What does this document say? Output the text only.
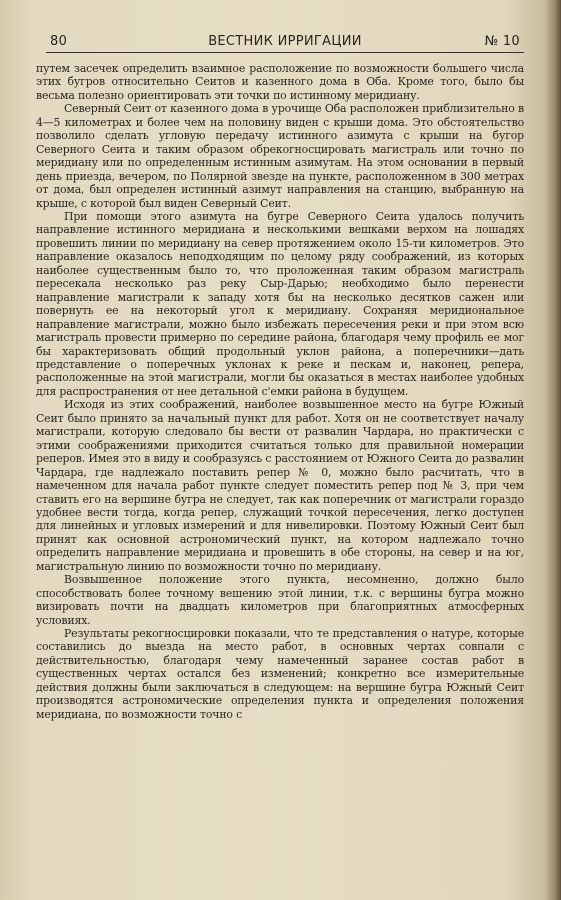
80	ВЕСТНИК ИРРИГАЦИИ	№ 10

путем засечек определить взаимное расположение по возможности большего числа этих бугров относительно Сеитов и казенного дома в Оба. Кроме того, было бы весьма полезно ориентировать эти точки по истинному меридиану.

Северный Сеит от казенного дома в урочище Оба расположен приблизительно в 4—5 километрах и более чем на половину виден с крыши дома. Это обстоятельство позволило сделать угловую передачу истинного азимута с крыши на бугор Северного Сеита и таким образом обрекогносцировать магистраль или точно по меридиану или по определенным истинным азимутам. На этом основании в первый день приезда, вечером, по Полярной звезде на пункте, расположенном в 300 метрах от дома, был определен истинный азимут направления на станцию, выбранную на крыше, с которой был виден Северный Сеит.

При помощи этого азимута на бугре Северного Сеита удалось получить направление истинного меридиана и несколькими вешками верхом на лошадях провешить линии по меридиану на север протяжением около 15-ти километров. Это направление оказалось неподходящим по целому ряду соображений, из которых наиболее существенным было то, что проложенная таким образом магистраль пересекала несколько раз реку Сыр-Дарью; необходимо было перенести направление магистрали к западу хотя бы на несколько десятков сажен или повернуть ее на некоторый угол к меридиану. Сохраняя меридиональное направление магистрали, можно было избежать пересечения реки и при этом всю магистраль провести примерно по середине района, благодаря чему профиль ее мог бы характеризовать общий продольный уклон района, а поперечники—дать представление о поперечных уклонах к реке и пескам и, наконец, реперa, расположенные на этой магистрали, могли бы оказаться в местах наиболее удобных для распространения от нее детальной с'емки района в будущем.

Исходя из этих соображений, наиболее возвышенное место на бугре Южный Сеит было принято за начальный пункт для работ. Хотя он не соответствует началу магистрали, которую следовало бы вести от развалин Чардара, но практически с этими соображениями приходится считаться только для правильной номерации реперов. Имея это в виду и сообразуясь с расстоянием от Южного Сеита до развалин Чардара, где надлежало поставить репер № 0, можно было расчитать, что в намеченном для начала работ пункте следует поместить репер под № 3, при чем ставить его на вершине бугра не следует, так как поперечник от магистрали гораздо удобнее вести тогда, когда репер, служащий точкой пересечения, легко доступен для линейных и угловых измерений и для нивелировки. Поэтому Южный Сеит был принят как основной астрономический пункт, на котором надлежало точно определить направление меридиана и провешить в обе стороны, на север и на юг, магистральную линию по возможности точно по меридиану.

Возвышенное положение этого пункта, несомненно, должно было способствовать более точному вешению этой линии, т.к. с вершины бугра можно визировать почти на двадцать километров при благоприятных атмосферных условиях.

Результаты рекогносцировки показали, что те представления о натуре, которые составились до выезда на место работ, в основных чертах совпали с действительностью, благодаря чему намеченный заранее состав работ в существенных чертах остался без изменений; конкретно все измерительные действия должны были заключаться в следующем: на вершине бугра Южный Сеит производятся астрономические определения пункта и определения положения меридиана, по возможности точно с
